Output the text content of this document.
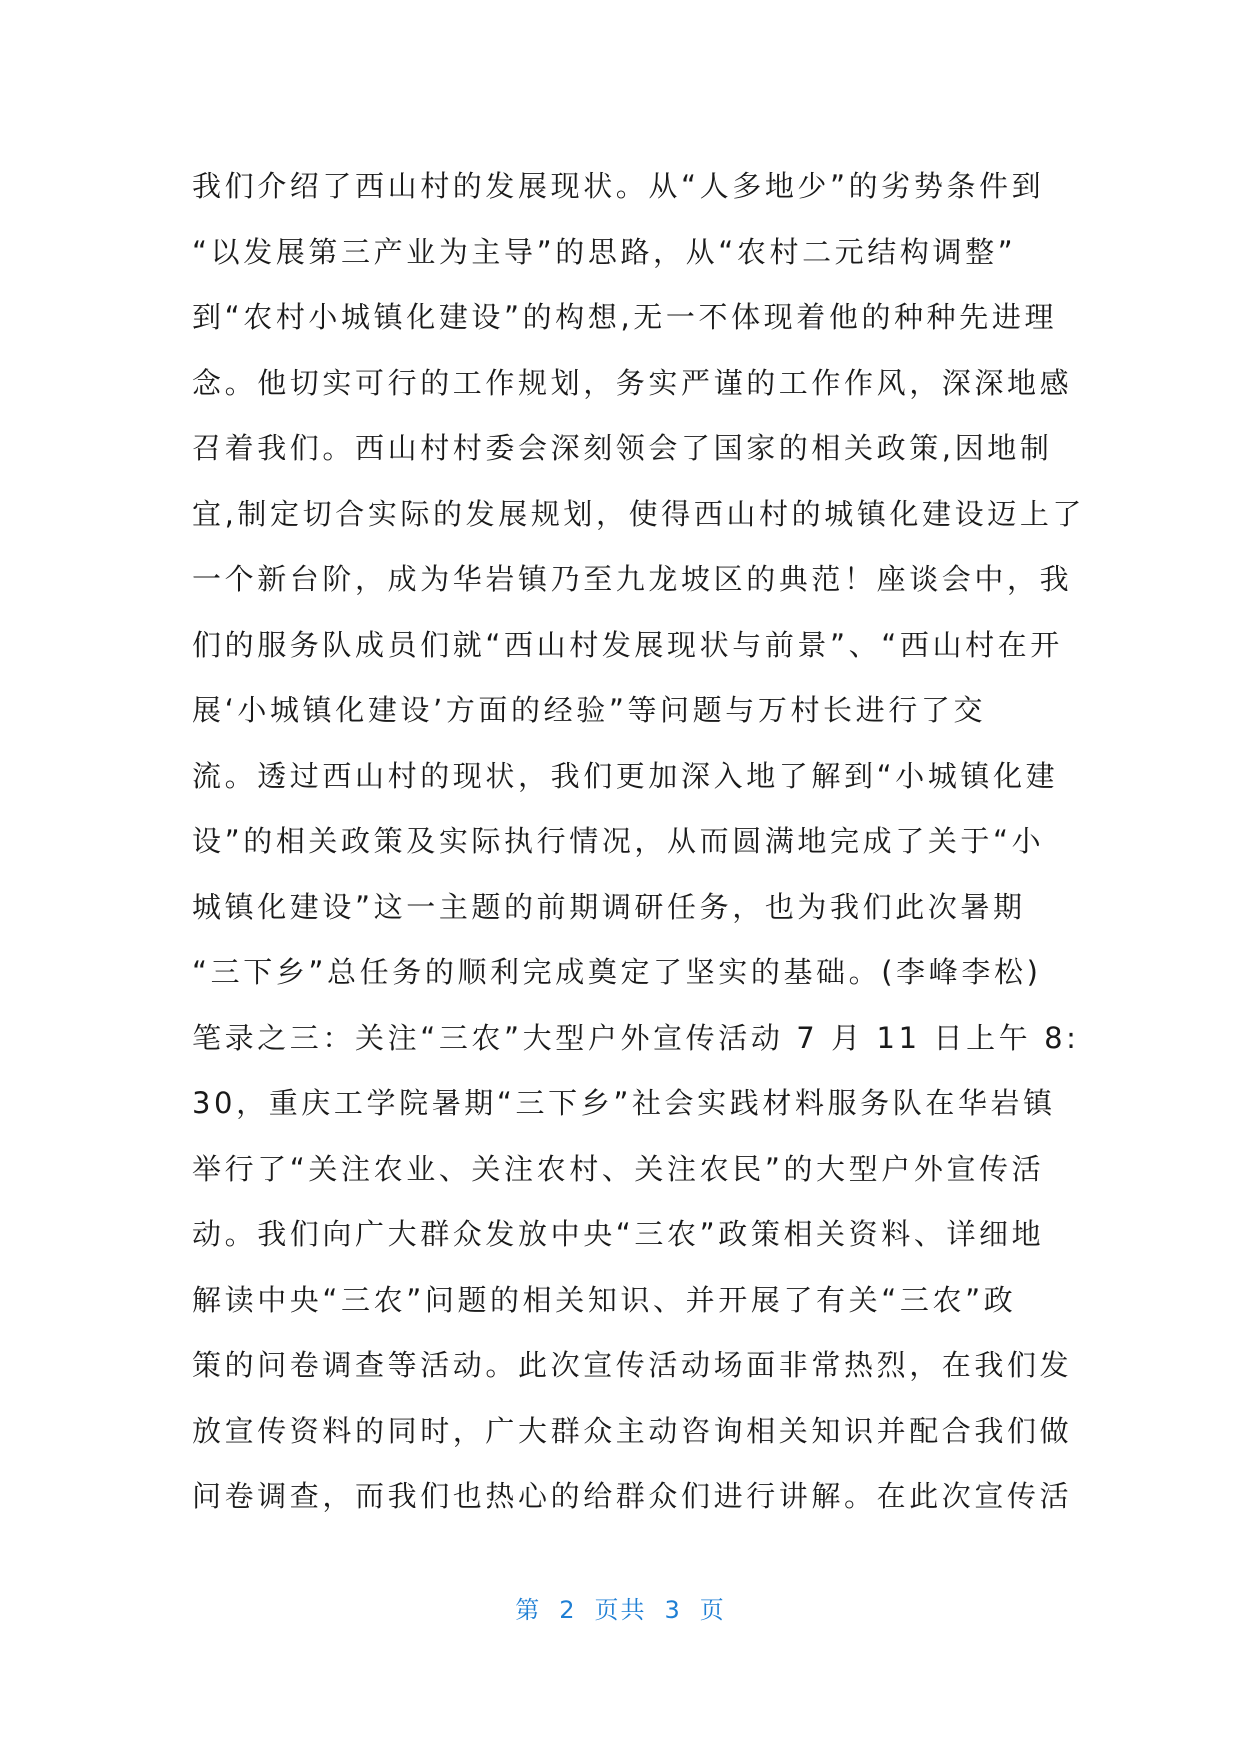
我们介绍了西山村的发展现状。从“人多地少”的劣势条件到
“以发展第三产业为主导”的思路，从“农村二元结构调整”
到“农村小城镇化建设”的构想,无一不体现着他的种种先进理
念。他切实可行的工作规划，务实严谨的工作作风，深深地感
召着我们。西山村村委会深刻领会了国家的相关政策,因地制
宜,制定切合实际的发展规划，使得西山村的城镇化建设迈上了
一个新台阶，成为华岩镇乃至九龙坡区的典范！座谈会中，我
们的服务队成员们就“西山村发展现状与前景”、“西山村在开
展‘小城镇化建设’方面的经验”等问题与万村长进行了交
流。透过西山村的现状，我们更加深入地了解到“小城镇化建
设”的相关政策及实际执行情况，从而圆满地完成了关于“小
城镇化建设”这一主题的前期调研任务，也为我们此次暑期
“三下乡”总任务的顺利完成奠定了坚实的基础。(李峰李松)
笔录之三：关注“三农”大型户外宣传活动 7 月 11 日上午 8:
30，重庆工学院暑期“三下乡”社会实践材料服务队在华岩镇
举行了“关注农业、关注农村、关注农民”的大型户外宣传活
动。我们向广大群众发放中央“三农”政策相关资料、详细地
解读中央“三农”问题的相关知识、并开展了有关“三农”政
策的问卷调查等活动。此次宣传活动场面非常热烈，在我们发
放宣传资料的同时，广大群众主动咨询相关知识并配合我们做
问卷调查，而我们也热心的给群众们进行讲解。在此次宣传活
第 2 页共 3 页
